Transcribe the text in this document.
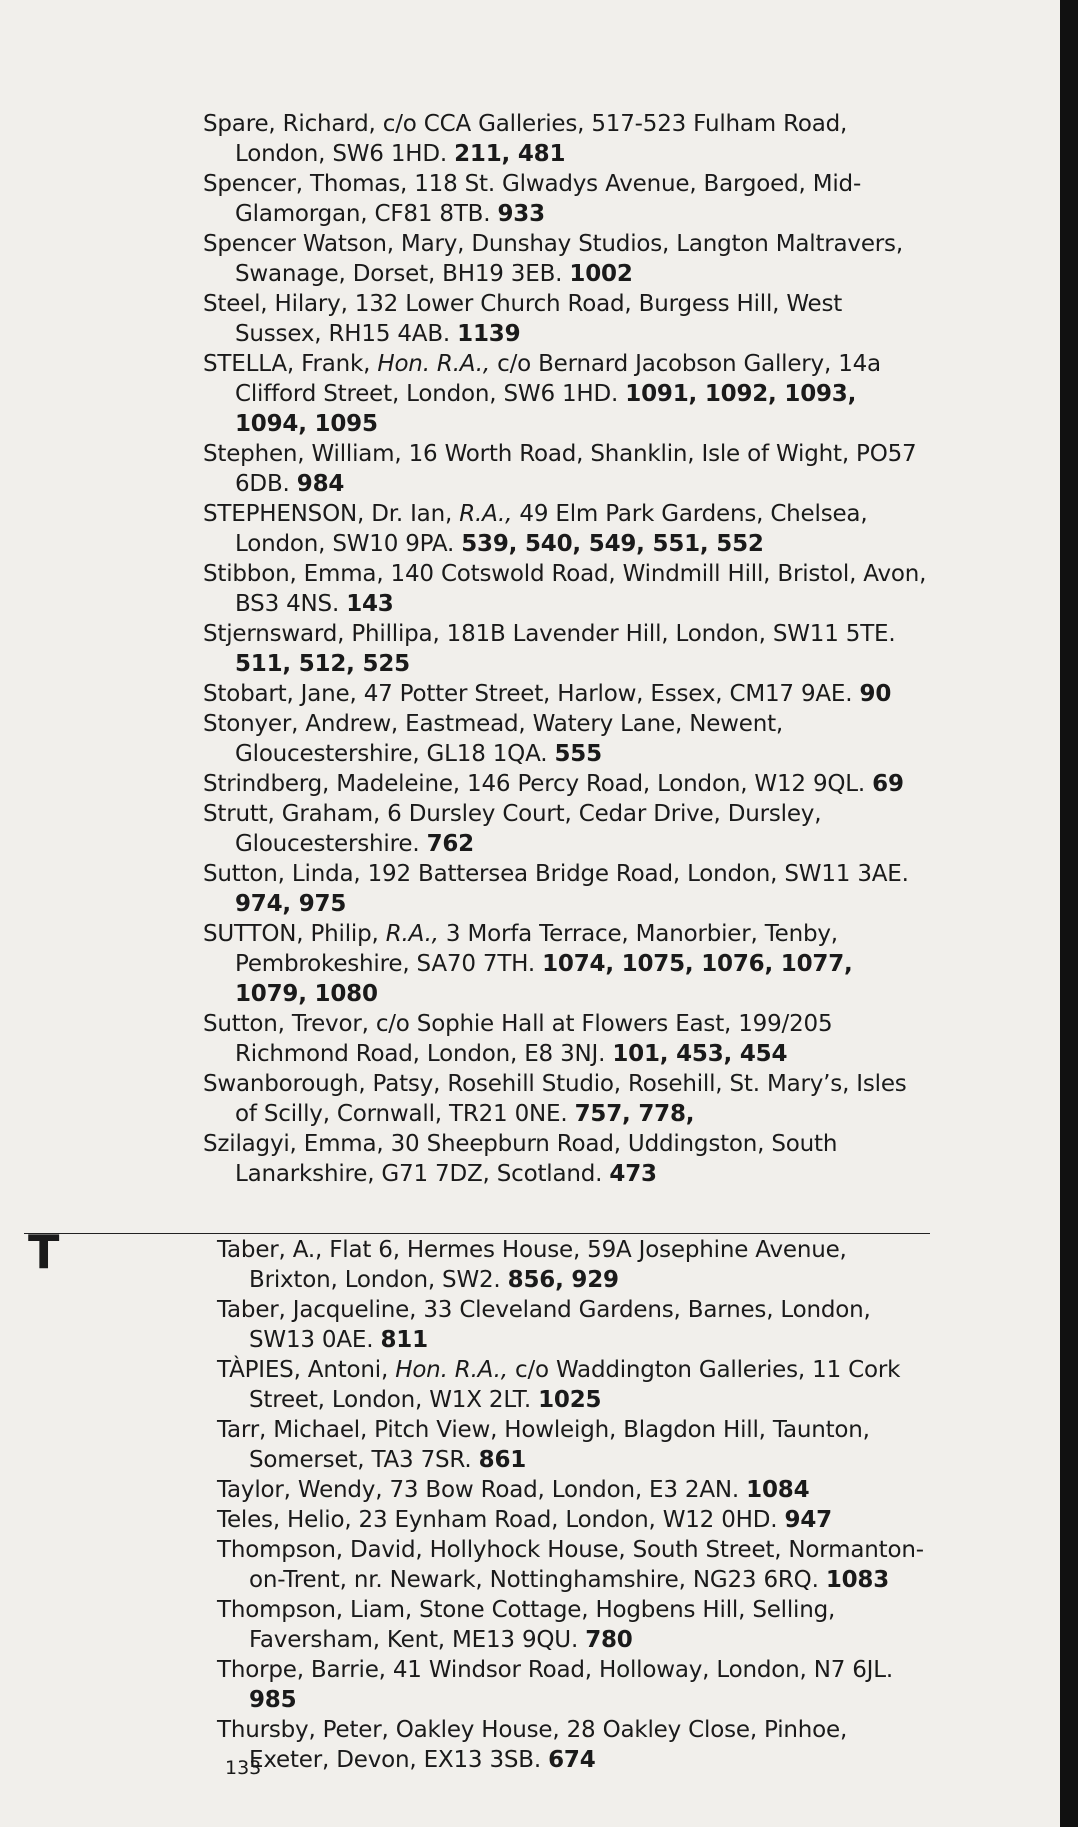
Spare, Richard, c/o CCA Galleries, 517-523 Fulham Road, London, SW6 1HD. 211, 481
Spencer, Thomas, 118 St. Glwadys Avenue, Bargoed, Mid-Glamorgan, CF81 8TB. 933
Spencer Watson, Mary, Dunshay Studios, Langton Maltravers, Swanage, Dorset, BH19 3EB. 1002
Steel, Hilary, 132 Lower Church Road, Burgess Hill, West Sussex, RH15 4AB. 1139
STELLA, Frank, Hon. R.A., c/o Bernard Jacobson Gallery, 14a Clifford Street, London, SW6 1HD. 1091, 1092, 1093, 1094, 1095
Stephen, William, 16 Worth Road, Shanklin, Isle of Wight, PO57 6DB. 984
STEPHENSON, Dr. Ian, R.A., 49 Elm Park Gardens, Chelsea, London, SW10 9PA. 539, 540, 549, 551, 552
Stibbon, Emma, 140 Cotswold Road, Windmill Hill, Bristol, Avon, BS3 4NS. 143
Stjernsward, Phillipa, 181B Lavender Hill, London, SW11 5TE. 511, 512, 525
Stobart, Jane, 47 Potter Street, Harlow, Essex, CM17 9AE. 90
Stonyer, Andrew, Eastmead, Watery Lane, Newent, Gloucestershire, GL18 1QA. 555
Strindberg, Madeleine, 146 Percy Road, London, W12 9QL. 69
Strutt, Graham, 6 Dursley Court, Cedar Drive, Dursley, Gloucestershire. 762
Sutton, Linda, 192 Battersea Bridge Road, London, SW11 3AE. 974, 975
SUTTON, Philip, R.A., 3 Morfa Terrace, Manorbier, Tenby, Pembrokeshire, SA70 7TH. 1074, 1075, 1076, 1077, 1079, 1080
Sutton, Trevor, c/o Sophie Hall at Flowers East, 199/205 Richmond Road, London, E8 3NJ. 101, 453, 454
Swanborough, Patsy, Rosehill Studio, Rosehill, St. Mary’s, Isles of Scilly, Cornwall, TR21 0NE. 757, 778,
Szilagyi, Emma, 30 Sheepburn Road, Uddingston, South Lanarkshire, G71 7DZ, Scotland. 473
T	Taber, A., Flat 6, Hermes House, 59A Josephine Avenue, Brixton, London, SW2. 856, 929
Taber, Jacqueline, 33 Cleveland Gardens, Barnes, London, SW13 0AE. 811
TÀPIES, Antoni, Hon. R.A., c/o Waddington Galleries, 11 Cork Street, London, W1X 2LT. 1025
Tarr, Michael, Pitch View, Howleigh, Blagdon Hill, Taunton, Somerset, TA3 7SR. 861
Taylor, Wendy, 73 Bow Road, London, E3 2AN. 1084
Teles, Helio, 23 Eynham Road, London, W12 0HD. 947
Thompson, David, Hollyhock House, South Street, Normanton-on-Trent, nr. Newark, Nottinghamshire, NG23 6RQ. 1083
Thompson, Liam, Stone Cottage, Hogbens Hill, Selling, Faversham, Kent, ME13 9QU. 780
Thorpe, Barrie, 41 Windsor Road, Holloway, London, N7 6JL. 985
Thursby, Peter, Oakley House, 28 Oakley Close, Pinhoe, Exeter, Devon, EX13 3SB. 674
133
